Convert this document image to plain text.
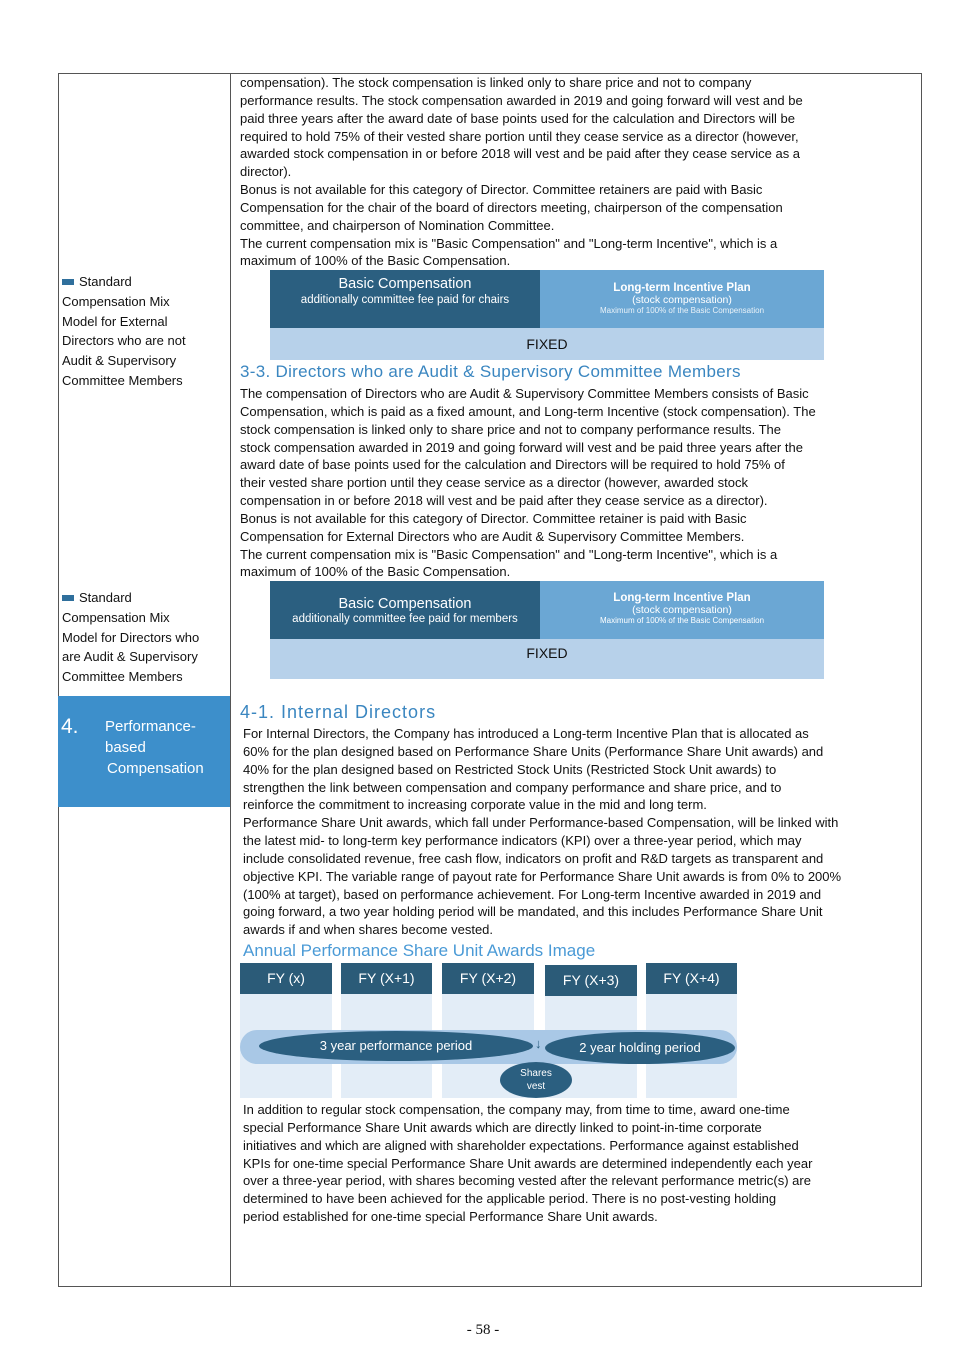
compensation). The stock compensation is linked only to share price and not to company
performance results. The stock compensation awarded in 2019 and going forward will vest and be
paid three years after the award date of base points used for the calculation and Directors will be
required to hold 75% of their vested share portion until they cease service as a director (however,
awarded stock compensation in or before 2018 will vest and be paid after they cease service as a
director).
Bonus is not available for this category of Director. Committee retainers are paid with Basic
Compensation for the chair of the board of directors meeting, chairperson of the compensation
committee, and chairperson of Nomination Committee.
The current compensation mix is "Basic Compensation" and "Long-term Incentive", which is a
maximum of 100% of the Basic Compensation.
Standard
Compensation Mix
Model for External
Directors who are not
Audit & Supervisory
Committee Members
Basic Compensation
additionally committee fee paid for chairs
Long-term Incentive Plan
(stock compensation)
Maximum of 100% of the Basic Compensation
FIXED
3-3. Directors who are Audit & Supervisory Committee Members
The compensation of Directors who are Audit & Supervisory Committee Members consists of Basic
Compensation, which is paid as a fixed amount, and Long-term Incentive (stock compensation). The
stock compensation is linked only to share price and not to company performance results. The
stock compensation awarded in 2019 and going forward will vest and be paid three years after the
award date of base points used for the calculation and Directors will be required to hold 75% of
their vested share portion until they cease service as a director (however, awarded stock
compensation in or before 2018 will vest and be paid after they cease service as a director).
Bonus is not available for this category of Director. Committee retainer is paid with Basic
Compensation for External Directors who are Audit & Supervisory Committee Members.
The current compensation mix is "Basic Compensation" and "Long-term Incentive", which is a
maximum of 100% of the Basic Compensation.
Standard
Compensation Mix
Model for Directors who
are Audit & Supervisory
Committee Members
Basic Compensation
additionally committee fee paid for members
Long-term Incentive Plan
(stock compensation)
Maximum of 100% of the Basic Compensation
FIXED
4. Performance-
based
Compensation
4-1. Internal Directors
For Internal Directors, the Company has introduced a Long-term Incentive Plan that is allocated as
60% for the plan designed based on Performance Share Units (Performance Share Unit awards) and
40% for the plan designed based on Restricted Stock Units (Restricted Stock Unit awards) to
strengthen the link between compensation and company performance and share price, and to
reinforce the commitment to increasing corporate value in the mid and long term.
Performance Share Unit awards, which fall under Performance-based Compensation, will be linked with
the latest mid- to long-term key performance indicators (KPI) over a three-year period, which may
include consolidated revenue, free cash flow, indicators on profit and R&D targets as transparent and
objective KPI. The variable range of payout rate for Performance Share Unit awards is from 0% to 200%
(100% at target), based on performance achievement. For Long-term Incentive awarded in 2019 and
going forward, a two year holding period will be mandated, and this includes Performance Share Unit
awards if and when shares become vested.
Annual Performance Share Unit Awards Image
FY (x)	FY (X+1)	FY (X+2)	FY (X+3)	FY (X+4)
3 year performance period	2 year holding period
↓
Shares
vest
In addition to regular stock compensation, the company may, from time to time, award one-time
special Performance Share Unit awards which are directly linked to point-in-time corporate
initiatives and which are aligned with shareholder expectations. Performance against established
KPIs for one-time special Performance Share Unit awards are determined independently each year
over a three-year period, with shares becoming vested after the relevant performance metric(s) are
determined to have been achieved for the applicable period. There is no post-vesting holding
period established for one-time special Performance Share Unit awards.
- 58 -
